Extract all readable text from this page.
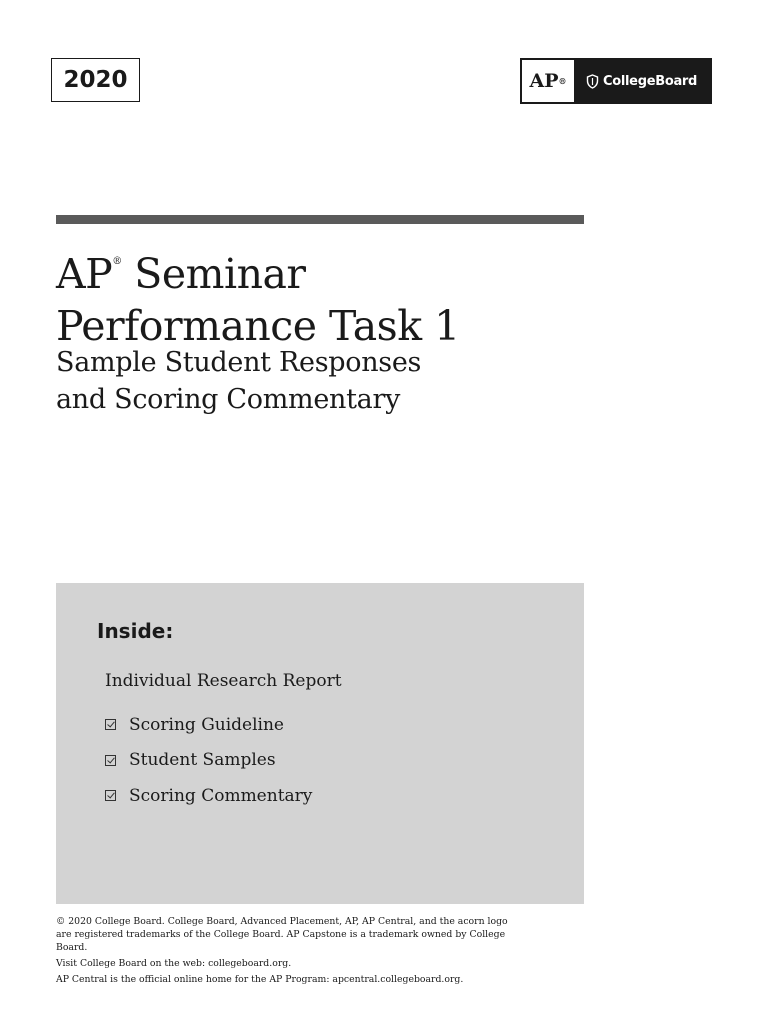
2020	AP ®	CollegeBoard
AP® Seminar
Performance Task 1
Sample Student Responses
and Scoring Commentary
Inside:
Individual Research Report
Scoring Guideline
Student Samples
Scoring Commentary

© 2020 College Board. College Board, Advanced Placement, AP, AP Central, and the acorn logo are registered trademarks of the College Board. AP Capstone is a trademark owned by College Board.

Visit College Board on the web: collegeboard.org.

AP Central is the official online home for the AP Program: apcentral.collegeboard.org.
